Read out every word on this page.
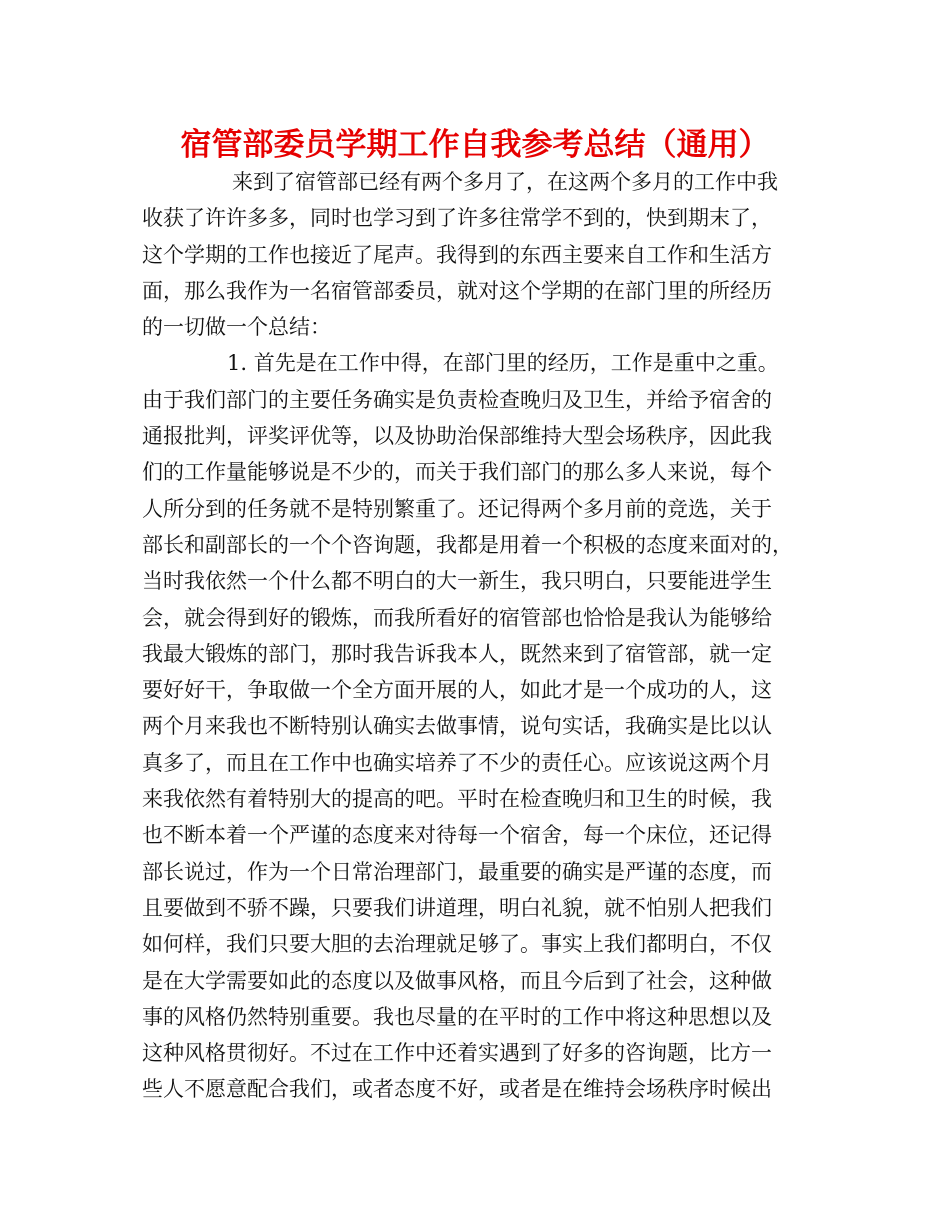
宿管部委员学期工作自我参考总结（通用）
来到了宿管部已经有两个多月了，在这两个多月的工作中我
收获了许许多多，同时也学习到了许多往常学不到的，快到期末了，
这个学期的工作也接近了尾声。我得到的东西主要来自工作和生活方
面，那么我作为一名宿管部委员，就对这个学期的在部门里的所经历
的一切做一个总结：
1. 首先是在工作中得，在部门里的经历，工作是重中之重。
由于我们部门的主要任务确实是负责检查晚归及卫生，并给予宿舍的
通报批判，评奖评优等，以及协助治保部维持大型会场秩序，因此我
们的工作量能够说是不少的，而关于我们部门的那么多人来说，每个
人所分到的任务就不是特别繁重了。还记得两个多月前的竞选，关于
部长和副部长的一个个咨询题，我都是用着一个积极的态度来面对的，
当时我依然一个什么都不明白的大一新生，我只明白，只要能进学生
会，就会得到好的锻炼，而我所看好的宿管部也恰恰是我认为能够给
我最大锻炼的部门，那时我告诉我本人，既然来到了宿管部，就一定
要好好干，争取做一个全方面开展的人，如此才是一个成功的人，这
两个月来我也不断特别认确实去做事情，说句实话，我确实是比以认
真多了，而且在工作中也确实培养了不少的责任心。应该说这两个月
来我依然有着特别大的提高的吧。平时在检查晚归和卫生的时候，我
也不断本着一个严谨的态度来对待每一个宿舍，每一个床位，还记得
部长说过，作为一个日常治理部门，最重要的确实是严谨的态度，而
且要做到不骄不躁，只要我们讲道理，明白礼貌，就不怕别人把我们
如何样，我们只要大胆的去治理就足够了。事实上我们都明白，不仅
是在大学需要如此的态度以及做事风格，而且今后到了社会，这种做
事的风格仍然特别重要。我也尽量的在平时的工作中将这种思想以及
这种风格贯彻好。不过在工作中还着实遇到了好多的咨询题，比方一
些人不愿意配合我们，或者态度不好，或者是在维持会场秩序时候出
